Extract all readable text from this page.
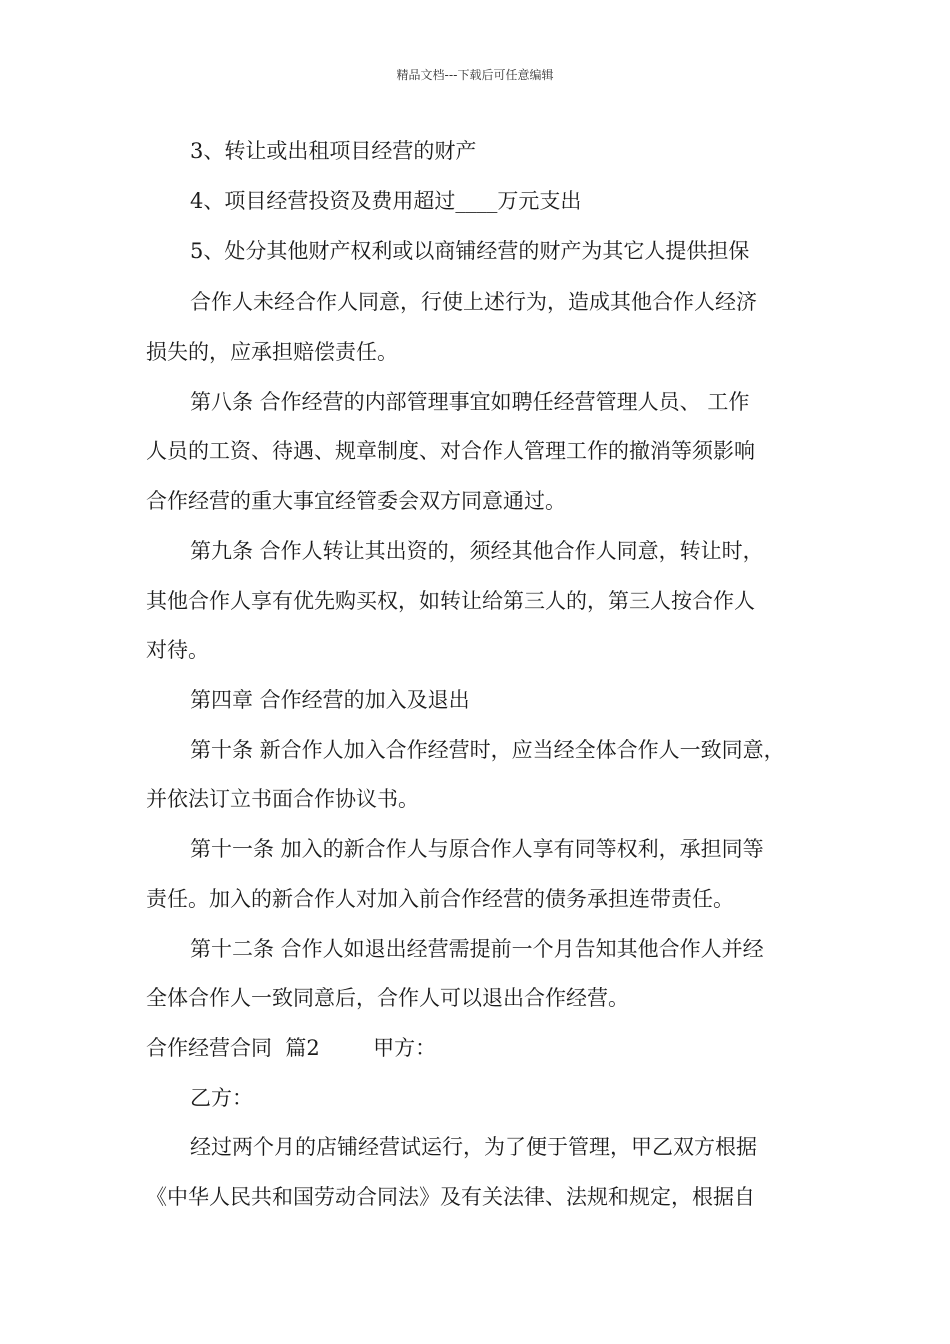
精品文档---下载后可任意编辑
3、转让或出租项目经营的财产
4、项目经营投资及费用超过____万元支出
5、处分其他财产权利或以商铺经营的财产为其它人提供担保
合作人未经合作人同意，行使上述行为，造成其他合作人经济
损失的，应承担赔偿责任。
第八条 合作经营的内部管理事宜如聘任经营管理人员、 工作
人员的工资、待遇、规章制度、对合作人管理工作的撤消等须影响
合作经营的重大事宜经管委会双方同意通过。
第九条 合作人转让其出资的，须经其他合作人同意，转让时，
其他合作人享有优先购买权，如转让给第三人的，第三人按合作人
对待。
第四章 合作经营的加入及退出
第十条 新合作人加入合作经营时，应当经全体合作人一致同意，
并依法订立书面合作协议书。
第十一条 加入的新合作人与原合作人享有同等权利，承担同等
责任。加入的新合作人对加入前合作经营的债务承担连带责任。
第十二条 合作人如退出经营需提前一个月告知其他合作人并经
全体合作人一致同意后，合作人可以退出合作经营。
合作经营合同  篇2        甲方：
乙方：
经过两个月的店铺经营试运行，为了便于管理，甲乙双方根据
《中华人民共和国劳动合同法》及有关法律、法规和规定，根据自
